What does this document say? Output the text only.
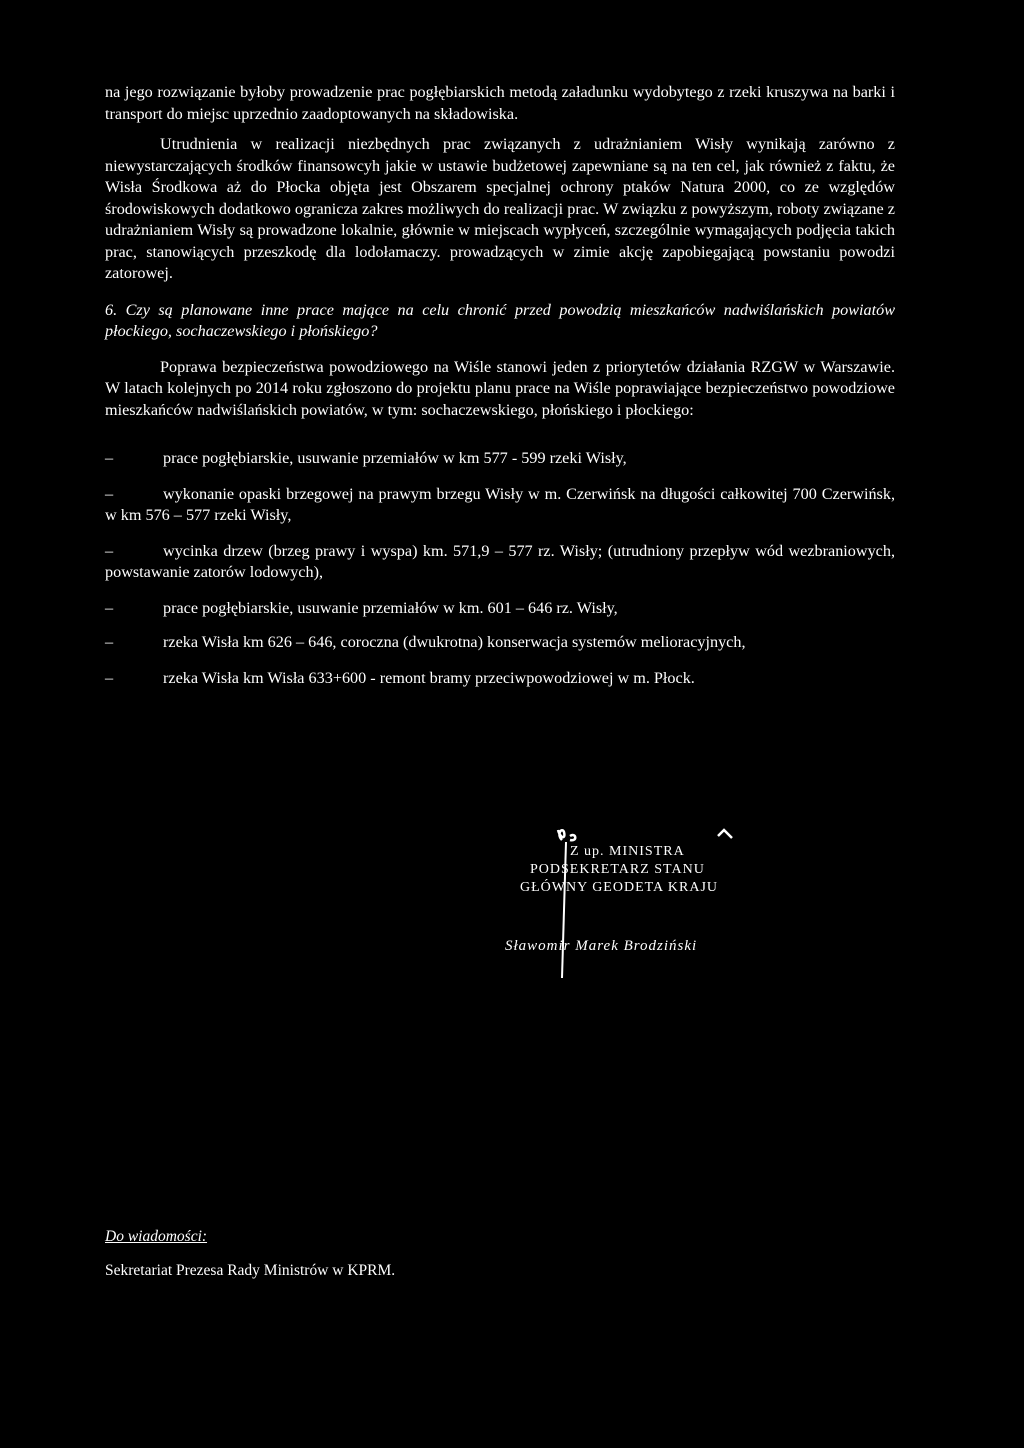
na jego rozwiązanie byłoby prowadzenie prac pogłębiarskich metodą załadunku wydobytego z rzeki kruszywa na barki i transport do miejsc uprzednio zaadoptowanych na składowiska.

Utrudnienia w realizacji niezbędnych prac związanych z udrażnianiem Wisły wynikają zarówno z niewystarczających środków finansowcyh jakie w ustawie budżetowej zapewniane są na ten cel, jak również z faktu, że Wisła Środkowa aż do Płocka objęta jest Obszarem specjalnej ochrony ptaków Natura 2000, co ze względów środowiskowych dodatkowo ogranicza zakres możliwych do realizacji prac. W związku z powyższym, roboty związane z udrażnianiem Wisły są prowadzone lokalnie, głównie w miejscach wypłyceń, szczególnie wymagających podjęcia takich prac, stanowiących przeszkodę dla lodołamaczy. prowadzących w zimie akcję zapobiegającą powstaniu powodzi zatorowej.

6. Czy są planowane inne prace mające na celu chronić przed powodzią mieszkańców nadwiślańskich powiatów płockiego, sochaczewskiego i płońskiego?

Poprawa bezpieczeństwa powodziowego na Wiśle stanowi jeden z priorytetów działania RZGW w Warszawie. W latach kolejnych po 2014 roku zgłoszono do projektu planu prace na Wiśle poprawiające bezpieczeństwo powodziowe mieszkańców nadwiślańskich powiatów, w tym: sochaczewskiego, płońskiego i płockiego:

–	prace pogłębiarskie, usuwanie przemiałów w km 577 - 599 rzeki Wisły,
–	wykonanie opaski brzegowej na prawym brzegu Wisły w m. Czerwińsk na długości całkowitej 700 Czerwińsk, w km 576 – 577 rzeki Wisły,
–	wycinka drzew (brzeg prawy i wyspa) km. 571,9 – 577 rz. Wisły; (utrudniony przepływ wód wezbraniowych, powstawanie zatorów lodowych),
–	prace pogłębiarskie, usuwanie przemiałów w km. 601 – 646 rz. Wisły,
–	rzeka Wisła km 626 – 646, coroczna (dwukrotna) konserwacja systemów melioracyjnych,
–	rzeka Wisła km Wisła 633+600 - remont bramy przeciwpowodziowej w m. Płock.
Z up. MINISTRA
PODSEKRETARZ STANU
GŁÓWNY GEODETA KRAJU
Sławomir Marek Brodziński
Do wiadomości:
Sekretariat Prezesa Rady Ministrów w KPRM.
